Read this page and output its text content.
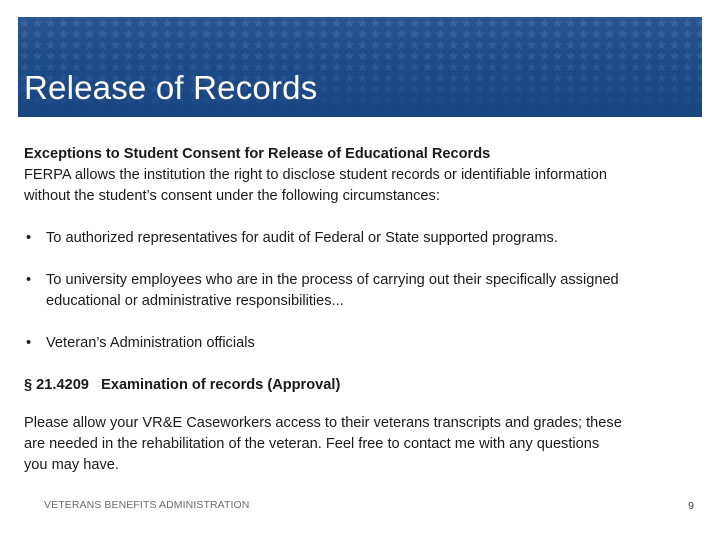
Release of Records
Exceptions to Student Consent for Release of Educational Records
FERPA allows the institution the right to disclose student records or identifiable information
without the student’s consent under the following circumstances:
• To authorized representatives for audit of Federal or State supported programs.
• To university employees who are in the process of carrying out their specifically assigned
educational or administrative responsibilities...
• Veteran’s Administration officials
§ 21.4209   Examination of records (Approval)
Please allow your VR&E Caseworkers access to their veterans transcripts and grades; these
are needed in the rehabilitation of the veteran. Feel free to contact me with any questions
you may have.
VETERANS BENEFITS ADMINISTRATION	9
